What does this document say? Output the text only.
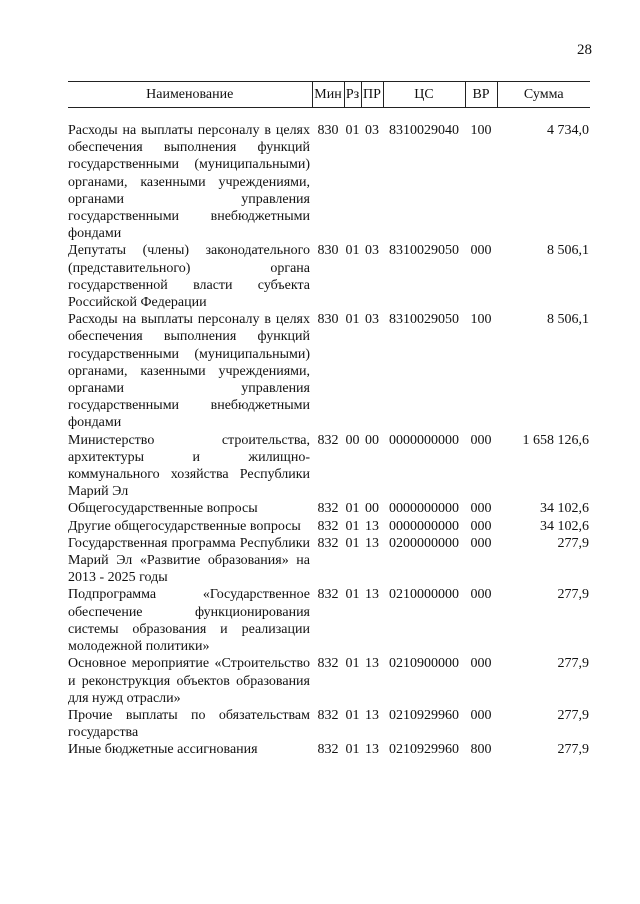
28
Наименование	Мин	Рз	ПР	ЦС	ВР	Сумма

Расходы на выплаты персоналу в целях обеспечения выполнения функций государственными (муниципальными) органами, казенными учреждениями, органами управления государственными внебюджетными фондами	830	01	03	8310029040	100	4 734,0
Депутаты (члены) законодательного (представительного) органа государственной власти субъекта Российской Федерации	830	01	03	8310029050	000	8 506,1
Расходы на выплаты персоналу в целях обеспечения выполнения функций государственными (муниципальными) органами, казенными учреждениями, органами управления государственными внебюджетными фондами	830	01	03	8310029050	100	8 506,1
Министерство строительства, архитектуры и жилищно-коммунального хозяйства Республики Марий Эл	832	00	00	0000000000	000	1 658 126,6
Общегосударственные вопросы	832	01	00	0000000000	000	34 102,6
Другие общегосударственные вопросы	832	01	13	0000000000	000	34 102,6
Государственная программа Республики Марий Эл «Развитие образования» на 2013 - 2025 годы	832	01	13	0200000000	000	277,9
Подпрограмма «Государственное обеспечение функционирования системы образования и реализации молодежной политики»	832	01	13	0210000000	000	277,9
Основное мероприятие «Строительство и реконструкция объектов образования для нужд отрасли»	832	01	13	0210900000	000	277,9
Прочие выплаты по обязательствам государства	832	01	13	0210929960	000	277,9
Иные бюджетные ассигнования	832	01	13	0210929960	800	277,9
